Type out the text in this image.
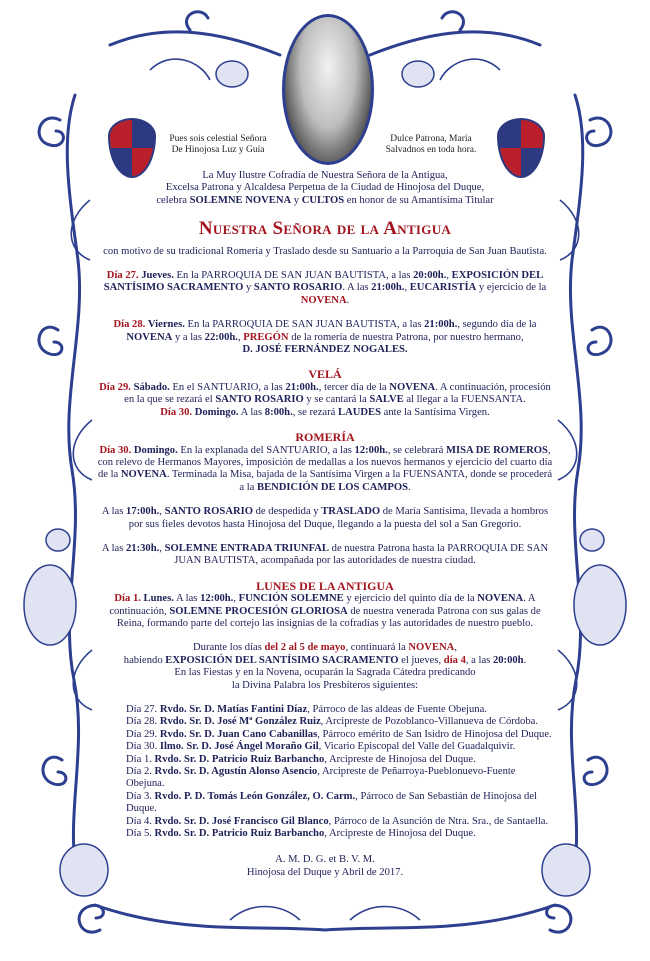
Pues sois celestial Señora
De Hinojosa Luz y Guía
Dulce Patrona, María
Salvadnos en toda hora.
La Muy Ilustre Cofradía de Nuestra Señora de la Antigua,
Excelsa Patrona y Alcaldesa Perpetua de la Ciudad de Hinojosa del Duque,
celebra SOLEMNE NOVENA y CULTOS en honor de su Amantísima Titular
Nuestra Señora de la Antigua
con motivo de su tradicional Romería y Traslado desde su Santuario a la Parroquia de San Juan Bautista.
Día 27. Jueves. En la PARROQUIA DE SAN JUAN BAUTISTA, a las 20:00h., EXPOSICIÓN DEL SANTÍSIMO SACRAMENTO y SANTO ROSARIO. A las 21:00h., EUCARISTÍA y ejercicio de la NOVENA.
Día 28. Viernes. En la PARROQUIA DE SAN JUAN BAUTISTA, a las 21:00h., segundo día de la NOVENA y a las 22:00h., PREGÓN de la romería de nuestra Patrona, por nuestro hermano,
D. JOSÉ FERNÁNDEZ NOGALES.
VELÁ
Día 29. Sábado. En el SANTUARIO, a las 21:00h., tercer día de la NOVENA. A continuación, procesión en la que se rezará el SANTO ROSARIO y se cantará la SALVE al llegar a la FUENSANTA.
Día 30. Domingo. A las 8:00h., se rezará LAUDES ante la Santísima Virgen.
ROMERÍA
Día 30. Domingo. En la explanada del SANTUARIO, a las 12:00h., se celebrará MISA DE ROMEROS, con relevo de Hermanos Mayores, imposición de medallas a los nuevos hermanos y ejercicio del cuarto día de la NOVENA. Terminada la Misa, bajada de la Santísima Virgen a la FUENSANTA, donde se procederá a la BENDICIÓN DE LOS CAMPOS.
A las 17:00h., SANTO ROSARIO de despedida y TRASLADO de María Santísima, llevada a hombros por sus fieles devotos hasta Hinojosa del Duque, llegando a la puesta del sol a San Gregorio.
A las 21:30h., SOLEMNE ENTRADA TRIUNFAL de nuestra Patrona hasta la PARROQUIA DE SAN JUAN BAUTISTA, acompañada por las autoridades de nuestra ciudad.
LUNES DE LA ANTIGUA
Día 1. Lunes. A las 12:00h., FUNCIÓN SOLEMNE y ejercicio del quinto día de la NOVENA. A continuación, SOLEMNE PROCESIÓN GLORIOSA de nuestra venerada Patrona con sus galas de Reina, formando parte del cortejo las insignias de la cofradías y las autoridades de nuestro pueblo.
Durante los días del 2 al 5 de mayo, continuará la NOVENA,
habiendo EXPOSICIÓN DEL SANTÍSIMO SACRAMENTO el jueves, día 4, a las 20:00h.
En las Fiestas y en la Novena, ocuparán la Sagrada Cátedra predicando
la Divina Palabra los Presbíteros siguientes:
Día 27. Rvdo. Sr. D. Matías Fantini Díaz, Párroco de las aldeas de Fuente Obejuna.
Día 28. Rvdo. Sr. D. José Mª González Ruiz, Arcipreste de Pozoblanco-Villanueva de Córdoba.
Día 29. Rvdo. Sr. D. Juan Cano Cabanillas, Párroco emérito de San Isidro de Hinojosa del Duque.
Día 30. Ilmo. Sr. D. José Ángel Moraño Gil, Vicario Episcopal del Valle del Guadalquivir.
Día 1. Rvdo. Sr. D. Patricio Ruiz Barbancho, Arcipreste de Hinojosa del Duque.
Día 2. Rvdo. Sr. D. Agustín Alonso Asencio, Arcipreste de Peñarroya-Pueblonuevo-Fuente Obejuna.
Día 3. Rvdo. P. D. Tomás León González, O. Carm., Párroco de San Sebastián de Hinojosa del Duque.
Día 4. Rvdo. Sr. D. José Francisco Gil Blanco, Párroco de la Asunción de Ntra. Sra., de Santaella.
Día 5. Rvdo. Sr. D. Patricio Ruiz Barbancho, Arcipreste de Hinojosa del Duque.
A. M. D. G. et B. V. M.
Hinojosa del Duque y Abril de 2017.
